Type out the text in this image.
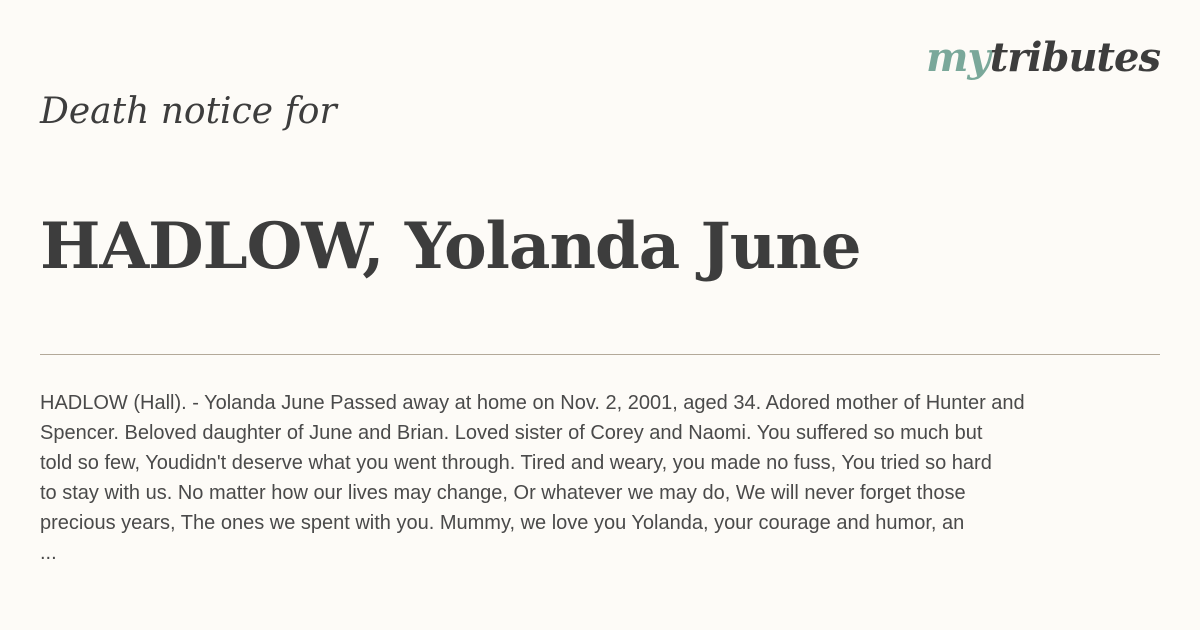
mytributes
Death notice for
HADLOW, Yolanda June
HADLOW (Hall). - Yolanda June Passed away at home on Nov. 2, 2001, aged 34. Adored mother of Hunter and
Spencer. Beloved daughter of June and Brian. Loved sister of Corey and Naomi. You suffered so much but
told so few, Youdidn't deserve what you went through. Tired and weary, you made no fuss, You tried so hard
to stay with us. No matter how our lives may change, Or whatever we may do, We will never forget those
precious years, The ones we spent with you. Mummy, we love you Yolanda, your courage and humor, an
...
